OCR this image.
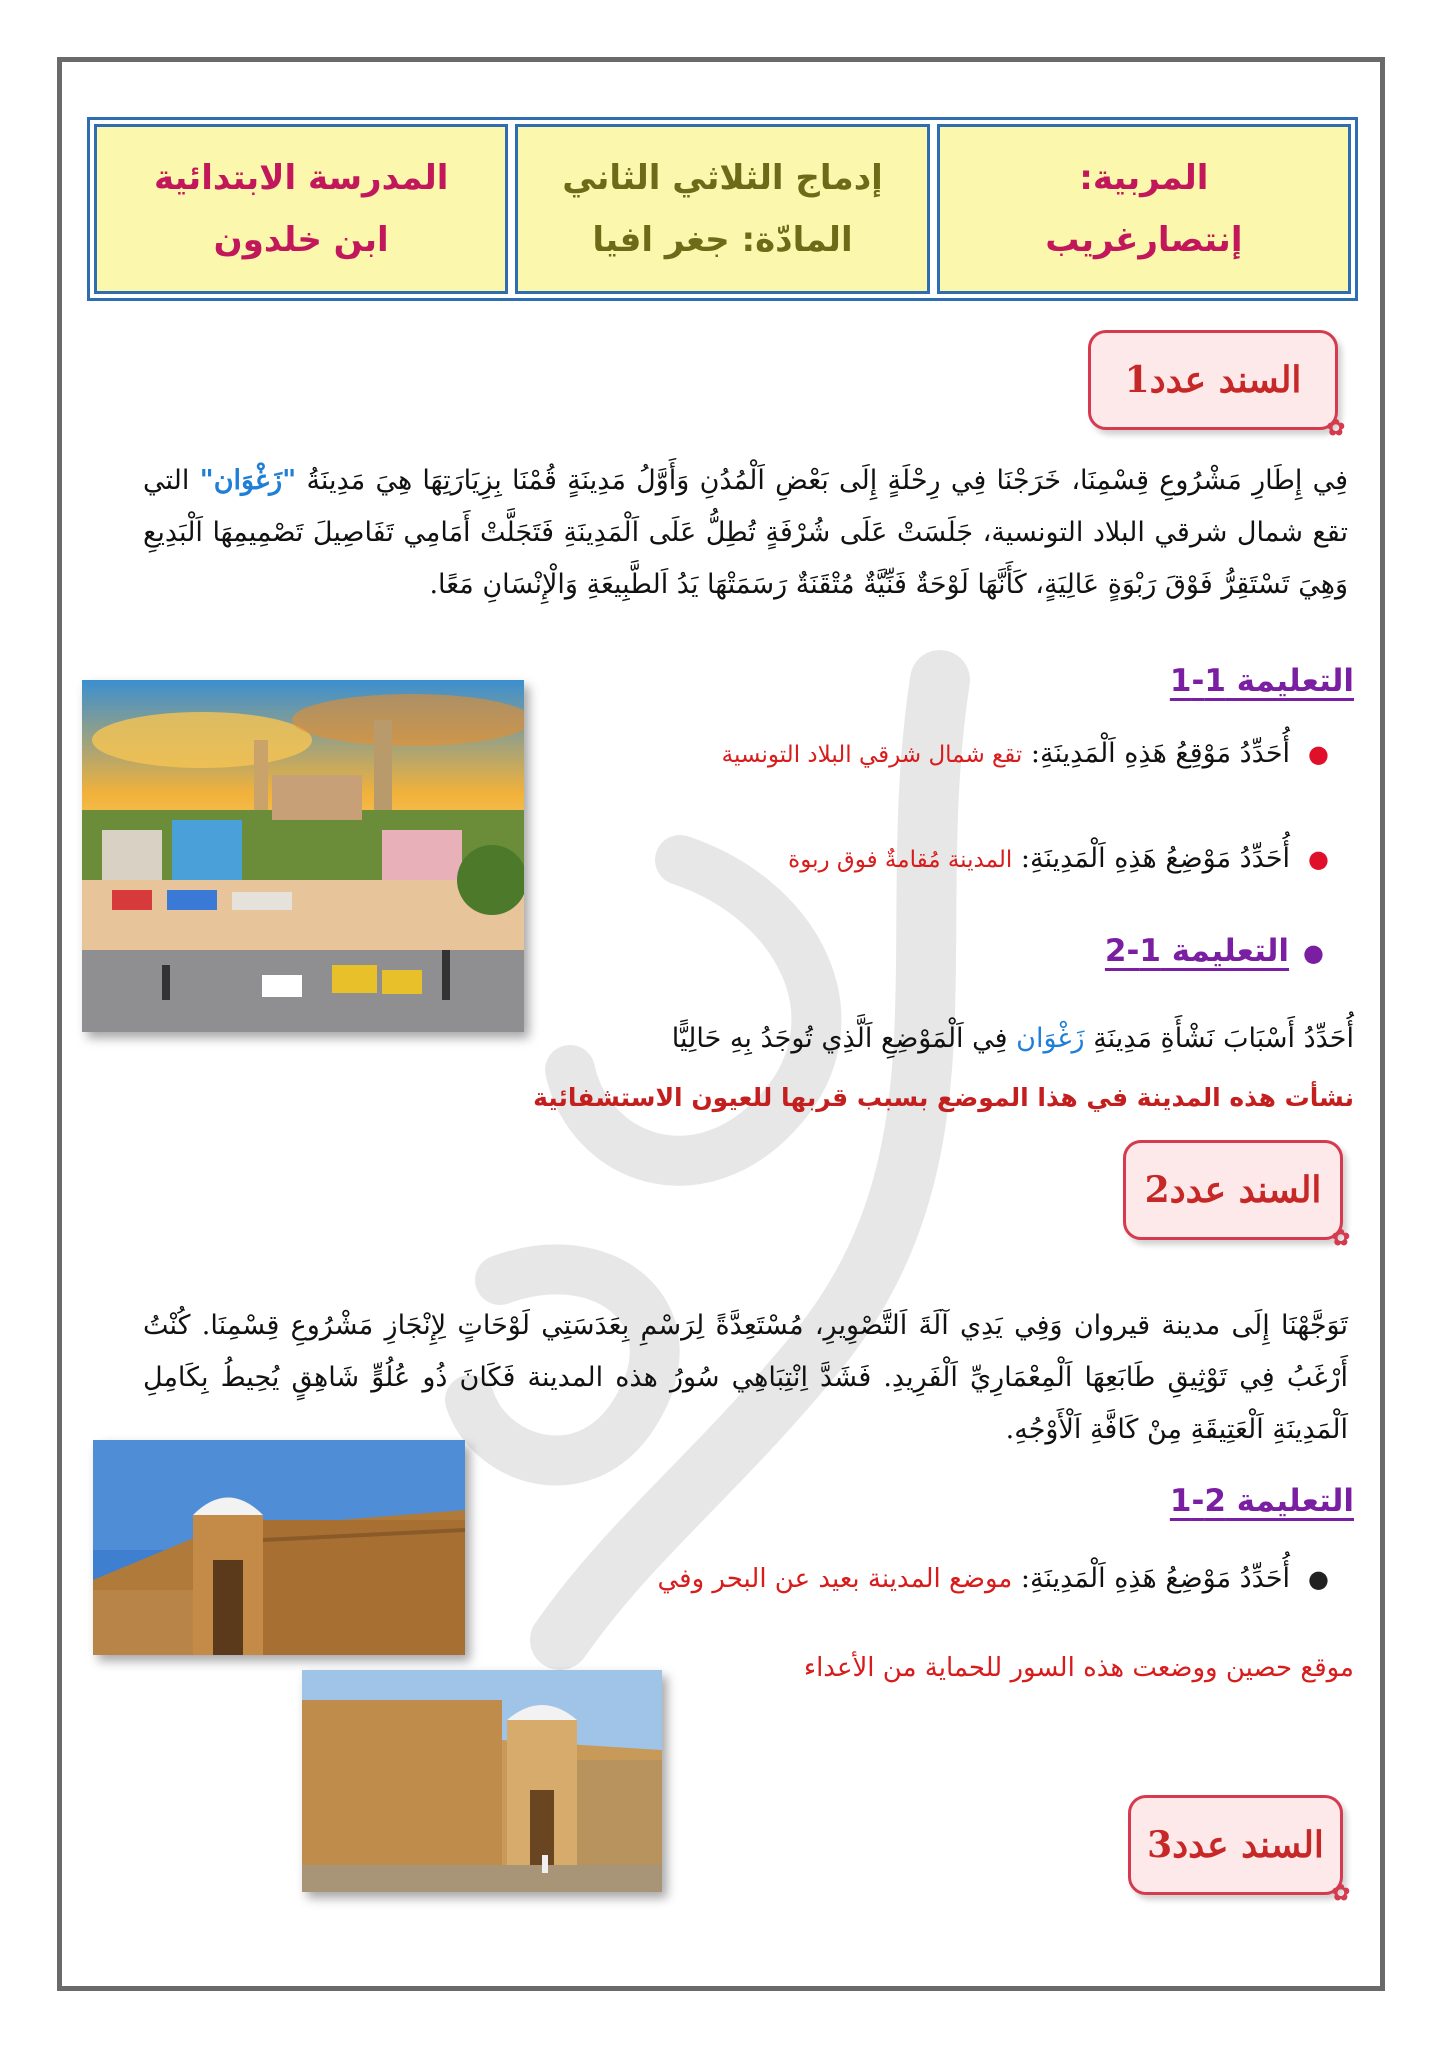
المربية:
إنتصارغريب
إدماج الثلاثي الثاني
المادّة: جغر افيا
المدرسة الابتدائية
ابن خلدون
السند عدد1
✿
فِي إِطَارِ مَشْرُوعِ قِسْمِنَا، خَرَجْنَا فِي رِحْلَةٍ إِلَى بَعْضِ اَلْمُدُنِ وَأَوَّلُ مَدِينَةٍ قُمْنَا بِزِيَارَتِهَا هِيَ مَدِينَةُ "زَغْوَان" التي تقع شمال شرقي البلاد التونسية، جَلَسَتْ عَلَى شُرْفَةٍ تُطِلُّ عَلَى اَلْمَدِينَةِ فَتَجَلَّتْ أَمَامِي تَفَاصِيلَ تَصْمِيمِهَا اَلْبَدِيعِ وَهِيَ تَسْتَقِرُّ فَوْقَ رَبْوَةٍ عَالِيَةٍ، كَأَنَّهَا لَوْحَةٌ فَنِّيَّةٌ مُتْقَنَةٌ رَسَمَتْهَا يَدُ اَلطَّبِيعَةِ وَالْإِنْسَانِ مَعًا.
التعليمة 1-1
●أُحَدِّدُ مَوْقِعُ هَذِهِ اَلْمَدِينَةِ: تقع شمال شرقي البلاد التونسية
●أُحَدِّدُ مَوْضِعُ هَذِهِ اَلْمَدِينَةِ: المدينة مُقامةٌ فوق ربوة
●التعليمة 1-2
أُحَدِّدُ أَسْبَابَ نَشْأَةِ مَدِينَةِ زَغْوَان فِي اَلْمَوْضِعِ اَلَّذِي تُوجَدُ بِهِ حَالِيًّا
نشأت هذه المدينة في هذا الموضع بسبب قربها للعيون الاستشفائية
السند عدد2
✿
تَوَجَّهْنَا إِلَى مدينة قيروان وَفِي يَدِي آلَةَ اَلتَّصْوِيرِ، مُسْتَعِدَّةً لِرَسْمِ بِعَدَسَتِي لَوْحَاتٍ لِإِنْجَازِ مَشْرُوعِ قِسْمِنَا. كُنْتُ أَرْغَبُ فِي تَوْثِيقِ طَابَعِهَا اَلْمِعْمَارِيِّ اَلْفَرِيدِ. فَشَدَّ اِنْتِبَاهِي سُورُ هذه المدينة فَكَانَ ذُو عُلُوٍّ شَاهِقٍ يُحِيطُ بِكَامِلِ اَلْمَدِينَةِ اَلْعَتِيقَةِ مِنْ كَافَّةِ اَلْأَوْجُهِ.
التعليمة 2-1
●أُحَدِّدُ مَوْضِعُ هَذِهِ اَلْمَدِينَةِ: موضع المدينة بعيد عن البحر وفي
موقع حصين ووضعت هذه السور للحماية من الأعداء
السند عدد3
✿
